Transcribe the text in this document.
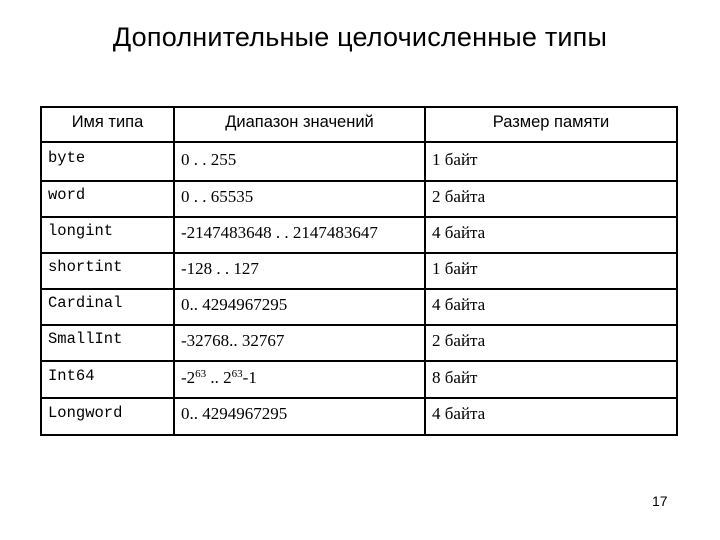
Дополнительные целочисленные типы
Имя типа	Диапазон значений	Размер памяти
byte	0 . . 255	1 байт
word	0 . . 65535	2 байта
longint	-2147483648 . . 2147483647	4 байта
shortint	-128 . . 127	1 байт
Cardinal	0.. 4294967295	4 байта
SmallInt	-32768.. 32767	2 байта
Int64	$-2^{63}$ .. $2^{63}-1$	8 байт
Longword	0.. 4294967295	4 байта
17
